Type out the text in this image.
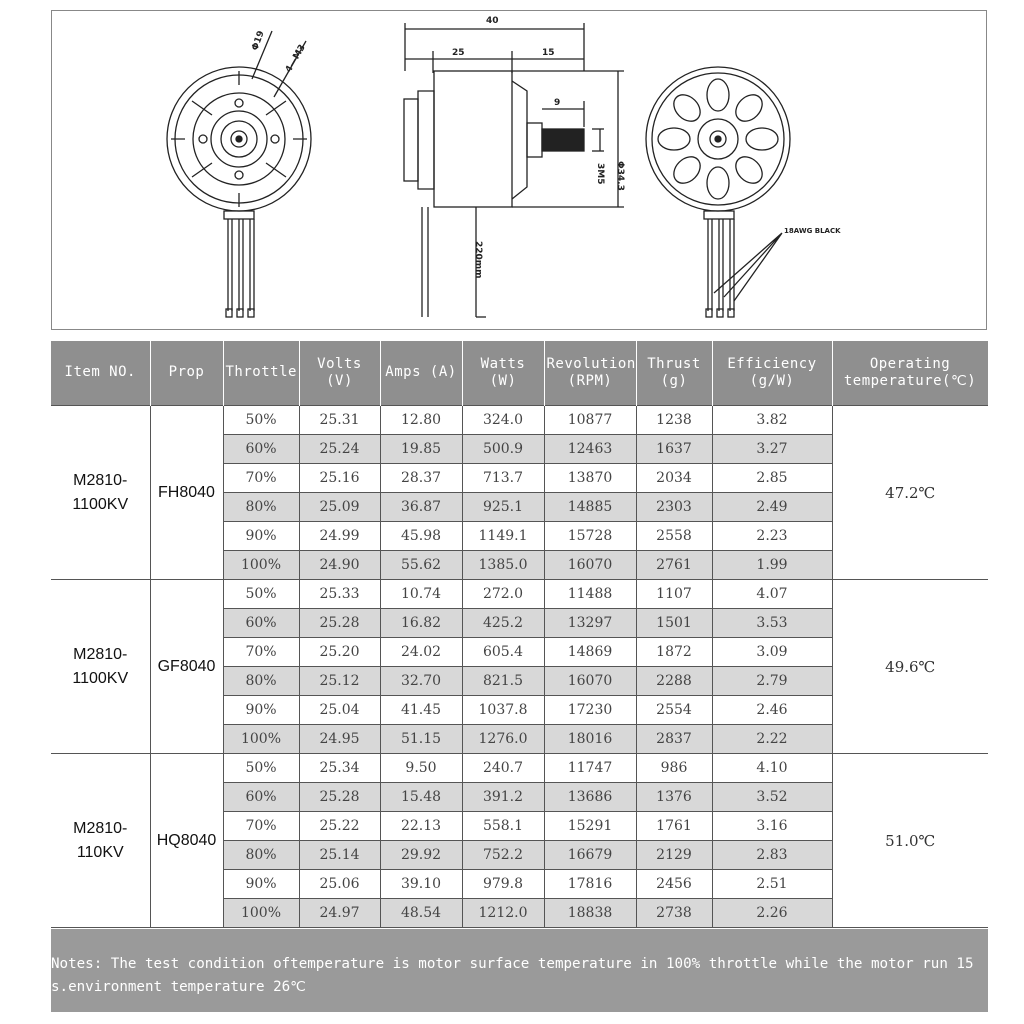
Φ19
4—M3
40
25	15
9
3M5 Φ34.3
220mm
18AWG BLACK
Item NO.	Prop	Throttle	Volts (V)	Amps (A)	Watts (W)	Revolution (RPM)	Thrust (g)	Efficiency (g/W)	Operating temperature(℃)
M2810-1100KV	FH8040	50%	25.31	12.80	324.0	10877	1238	3.82	47.2℃
		60%	25.24	19.85	500.9	12463	1637	3.27	
		70%	25.16	28.37	713.7	13870	2034	2.85	
		80%	25.09	36.87	925.1	14885	2303	2.49	
		90%	24.99	45.98	1149.1	15728	2558	2.23	
		100%	24.90	55.62	1385.0	16070	2761	1.99	
M2810-1100KV	GF8040	50%	25.33	10.74	272.0	11488	1107	4.07	49.6℃
		60%	25.28	16.82	425.2	13297	1501	3.53	
		70%	25.20	24.02	605.4	14869	1872	3.09	
		80%	25.12	32.70	821.5	16070	2288	2.79	
		90%	25.04	41.45	1037.8	17230	2554	2.46	
		100%	24.95	51.15	1276.0	18016	2837	2.22	
M2810-110KV	HQ8040	50%	25.34	9.50	240.7	11747	986	4.10	51.0℃
		60%	25.28	15.48	391.2	13686	1376	3.52	
		70%	25.22	22.13	558.1	15291	1761	3.16	
		80%	25.14	29.92	752.2	16679	2129	2.83	
		90%	25.06	39.10	979.8	17816	2456	2.51	
		100%	24.97	48.54	1212.0	18838	2738	2.26	
Notes: The test condition oftemperature is motor surface temperature in 100% throttle while the motor run 15 s.environment temperature 26℃
